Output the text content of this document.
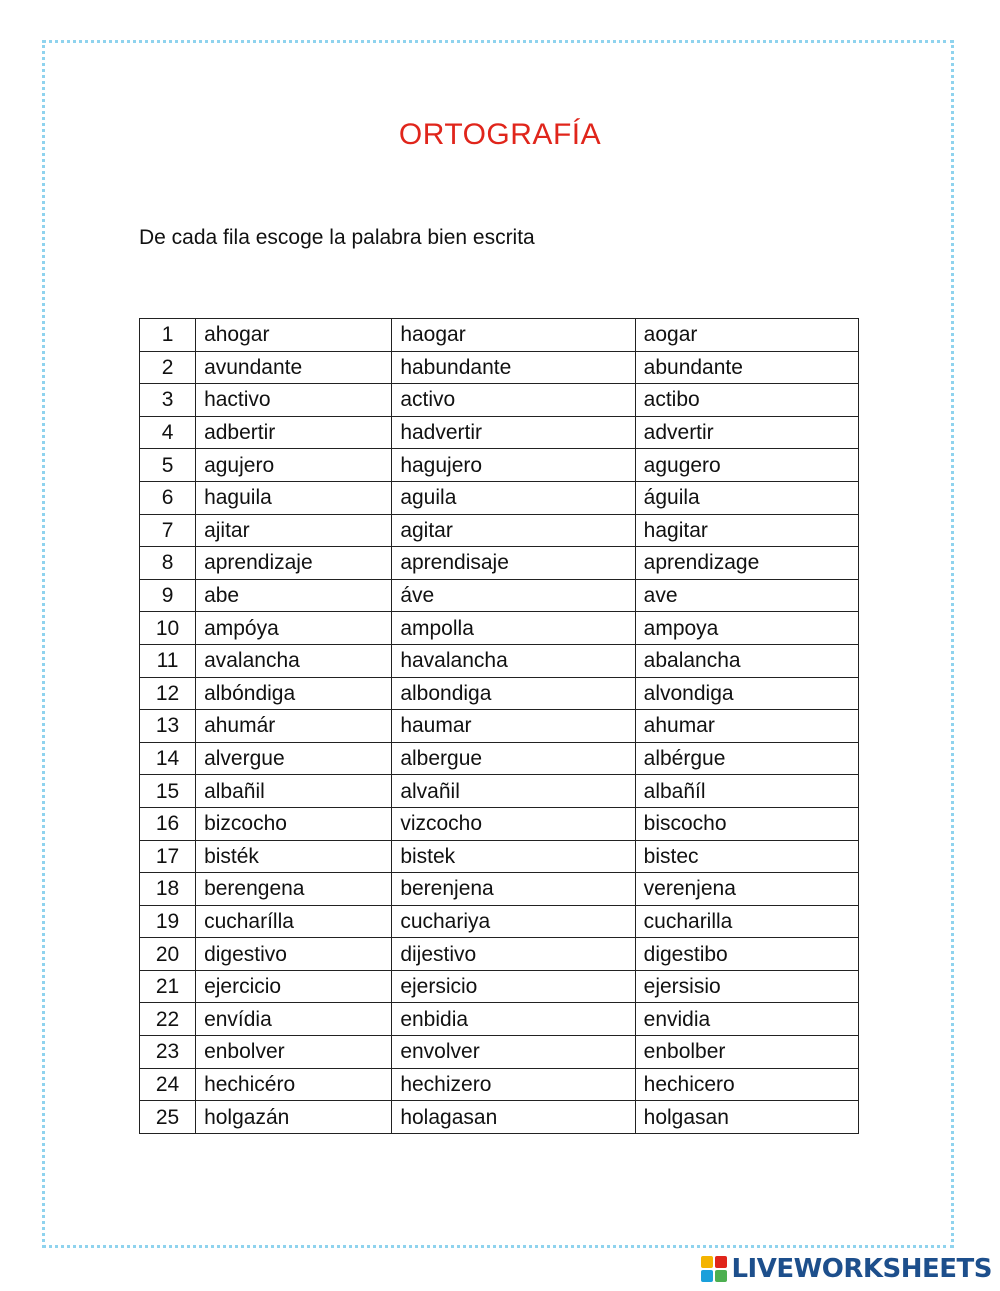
ORTOGRAFÍA
De cada fila escoge la palabra bien escrita
1	ahogar	haogar	aogar
2	avundante	habundante	abundante
3	hactivo	activo	actibo
4	adbertir	hadvertir	advertir
5	agujero	hagujero	agugero
6	haguila	aguila	águila
7	ajitar	agitar	hagitar
8	aprendizaje	aprendisaje	aprendizage
9	abe	áve	ave
10	ampóya	ampolla	ampoya
11	avalancha	havalancha	abalancha
12	albóndiga	albondiga	alvondiga
13	ahumár	haumar	ahumar
14	alvergue	albergue	albérgue
15	albañil	alvañil	albañíl
16	bizcocho	vizcocho	biscocho
17	bisték	bistek	bistec
18	berengena	berenjena	verenjena
19	cucharílla	cuchariya	cucharilla
20	digestivo	dijestivo	digestibo
21	ejercicio	ejersicio	ejersisio
22	envídia	enbidia	envidia
23	enbolver	envolver	enbolber
24	hechicéro	hechizero	hechicero
25	holgazán	holagasan	holgasan
LIVEWORKSHEETS
